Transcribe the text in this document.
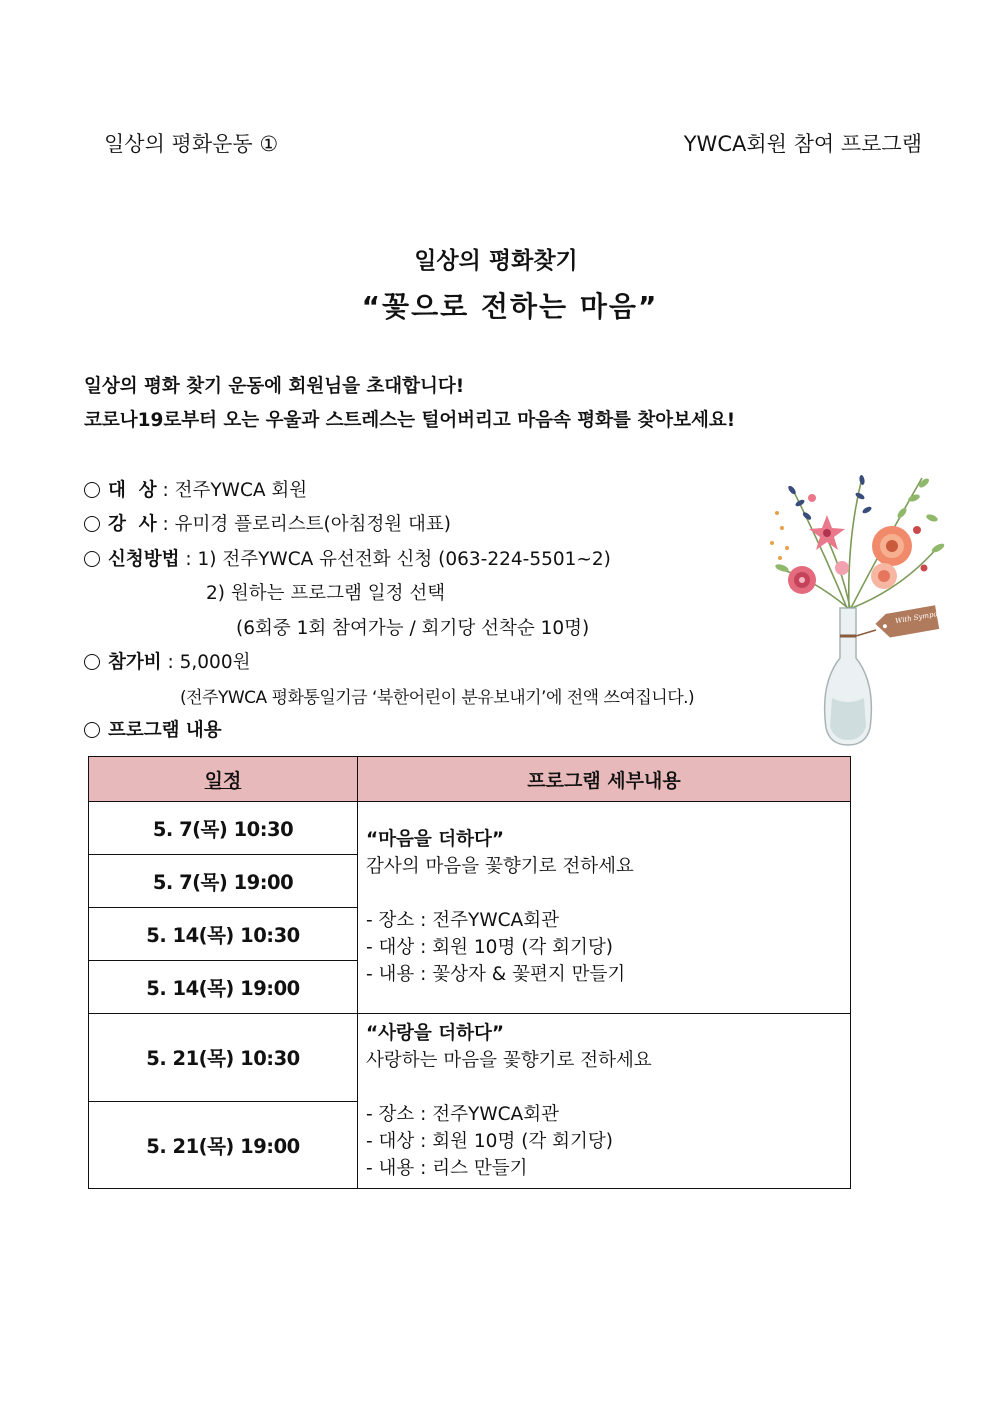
일상의 평화운동 ①	YWCA회원 참여 프로그램
일상의 평화찾기
“꽃으로 전하는 마음”
일상의 평화 찾기 운동에 회원님을 초대합니다!
코로나19로부터 오는 우울과 스트레스는 털어버리고 마음속 평화를 찾아보세요!
대  상 : 전주YWCA 회원
강  사 : 유미경 플로리스트(아침정원 대표)
신청방법 : 1) 전주YWCA 유선전화 신청 (063-224-5501~2)
2) 원하는 프로그램 일정 선택
(6회중 1회 참여가능 / 회기당 선착순 10명)
참가비 : 5,000원
(전주YWCA 평화통일기금 ‘북한어린이 분유보내기’에 전액 쓰여집니다.)
프로그램 내용
With Sympathy
일정	프로그램 세부내용
5. 7(목) 10:30	“마음을 더하다”
감사의 마음을 꽃향기로 전하세요
- 장소 : 전주YWCA회관
- 대상 : 회원 10명 (각 회기당)
- 내용 : 꽃상자 & 꽃편지 만들기

5. 7(목) 19:00	
5. 14(목) 10:30	
5. 14(목) 19:00	
5. 21(목) 10:30	“사랑을 더하다”
사랑하는 마음을 꽃향기로 전하세요
- 장소 : 전주YWCA회관
- 대상 : 회원 10명 (각 회기당)
- 내용 : 리스 만들기

5. 21(목) 19:00	
